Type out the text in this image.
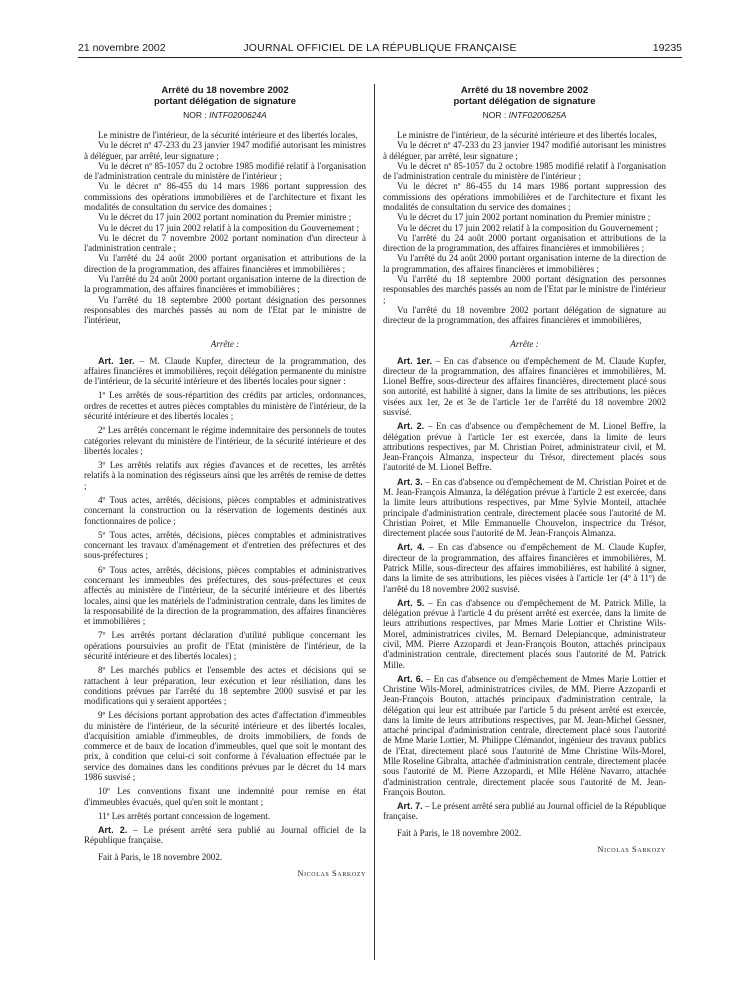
21 novembre 2002	JOURNAL OFFICIEL DE LA RÉPUBLIQUE FRANÇAISE	19235
Arrêté du 18 novembre 2002
portant délégation de signature
NOR : INTF0200624A

Le ministre de l'intérieur, de la sécurité intérieure et des libertés locales,

Vu le décret nº 47-233 du 23 janvier 1947 modifié autorisant les ministres à déléguer, par arrêté, leur signature ;

Vu le décret nº 85-1057 du 2 octobre 1985 modifié relatif à l'organisation de l'administration centrale du ministère de l'intérieur ;

Vu le décret nº 86-455 du 14 mars 1986 portant suppression des commissions des opérations immobilières et de l'architecture et fixant les modalités de consultation du service des domaines ;

Vu le décret du 17 juin 2002 portant nomination du Premier ministre ;

Vu le décret du 17 juin 2002 relatif à la composition du Gouvernement ;

Vu le décret du 7 novembre 2002 portant nomination d'un directeur à l'administration centrale ;

Vu l'arrêté du 24 août 2000 portant organisation et attributions de la direction de la programmation, des affaires financières et immobilières ;

Vu l'arrêté du 24 août 2000 portant organisation interne de la direction de la programmation, des affaires financières et immobilières ;

Vu l'arrêté du 18 septembre 2000 portant désignation des personnes responsables des marchés passés au nom de l'Etat par le ministre de l'intérieur,

Arrête :

Art. 1er. – M. Claude Kupfer, directeur de la programmation, des affaires financières et immobilières, reçoit délégation permanente du ministre de l'intérieur, de la sécurité intérieure et des libertés locales pour signer :

1º Les arrêtés de sous-répartition des crédits par articles, ordonnances, ordres de recettes et autres pièces comptables du ministère de l'intérieur, de la sécurité intérieure et des libertés locales ;

2º Les arrêtés concernant le régime indemnitaire des personnels de toutes catégories relevant du ministère de l'intérieur, de la sécurité intérieure et des libertés locales ;

3º Les arrêtés relatifs aux régies d'avances et de recettes, les arrêtés relatifs à la nomination des régisseurs ainsi que les arrêtés de remise de dettes ;

4º Tous actes, arrêtés, décisions, pièces comptables et administratives concernant la construction ou la réservation de logements destinés aux fonctionnaires de police ;

5º Tous actes, arrêtés, décisions, pièces comptables et administratives concernant les travaux d'aménagement et d'entretien des préfectures et des sous-préfectures ;

6º Tous actes, arrêtés, décisions, pièces comptables et administratives concernant les immeubles des préfectures, des sous-préfectures et ceux affectés au ministère de l'intérieur, de la sécurité intérieure et des libertés locales, ainsi que les matériels de l'administration centrale, dans les limites de la responsabilité de la direction de la programmation, des affaires financières et immobilières ;

7º Les arrêtés portant déclaration d'utilité publique concernant les opérations poursuivies au profit de l'Etat (ministère de l'intérieur, de la sécurité intérieure et des libertés locales) ;

8º Les marchés publics et l'ensemble des actes et décisions qui se rattachent à leur préparation, leur exécution et leur résiliation, dans les conditions prévues par l'arrêté du 18 septembre 2000 susvisé et par les modifications qui y seraient apportées ;

9º Les décisions portant approbation des actes d'affectation d'immeubles du ministère de l'intérieur, de la sécurité intérieure et des libertés locales, d'acquisition amiable d'immeubles, de droits immobiliers, de fonds de commerce et de baux de location d'immeubles, quel que soit le montant des prix, à condition que celui-ci soit conforme à l'évaluation effectuée par le service des domaines dans les conditions prévues par le décret du 14 mars 1986 susvisé ;

10º Les conventions fixant une indemnité pour remise en état d'immeubles évacués, quel qu'en soit le montant ;

11º Les arrêtés portant concession de logement.

Art. 2. – Le présent arrêté sera publié au Journal officiel de la République française.

Fait à Paris, le 18 novembre 2002.

Nicolas Sarkozy
Arrêté du 18 novembre 2002
portant délégation de signature
NOR : INTF0200625A

Le ministre de l'intérieur, de la sécurité intérieure et des libertés locales,

Vu le décret nº 47-233 du 23 janvier 1947 modifié autorisant les ministres à déléguer, par arrêté, leur signature ;

Vu le décret nº 85-1057 du 2 octobre 1985 modifié relatif à l'organisation de l'administration centrale du ministère de l'intérieur ;

Vu le décret nº 86-455 du 14 mars 1986 portant suppression des commissions des opérations immobilières et de l'architecture et fixant les modalités de consultation du service des domaines ;

Vu le décret du 17 juin 2002 portant nomination du Premier ministre ;

Vu le décret du 17 juin 2002 relatif à la composition du Gouvernement ;

Vu l'arrêté du 24 août 2000 portant organisation et attributions de la direction de la programmation, des affaires financières et immobilières ;

Vu l'arrêté du 24 août 2000 portant organisation interne de la direction de la programmation, des affaires financières et immobilières ;

Vu l'arrêté du 18 septembre 2000 portant désignation des personnes responsables des marchés passés au nom de l'Etat par le ministre de l'intérieur ;

Vu l'arrêté du 18 novembre 2002 portant délégation de signature au directeur de la programmation, des affaires financières et immobilières,

Arrête :

Art. 1er. – En cas d'absence ou d'empêchement de M. Claude Kupfer, directeur de la programmation, des affaires financières et immobilières, M. Lionel Beffre, sous-directeur des affaires financières, directement placé sous son autorité, est habilité à signer, dans la limite de ses attributions, les pièces visées aux 1er, 2e et 3e de l'article 1er de l'arrêté du 18 novembre 2002 susvisé.

Art. 2. – En cas d'absence ou d'empêchement de M. Lionel Beffre, la délégation prévue à l'article 1er est exercée, dans la limite de leurs attributions respectives, par M. Christian Poiret, administrateur civil, et M. Jean-François Almanza, inspecteur du Trésor, directement placés sous l'autorité de M. Lionel Beffre.

Art. 3. – En cas d'absence ou d'empêchement de M. Christian Poiret et de M. Jean-François Almanza, la délégation prévue à l'article 2 est exercée, dans la limite leurs attributions respectives, par Mme Sylvie Monteil, attachée principale d'administration centrale, directement placée sous l'autorité de M. Christian Poiret, et Mlle Emmanuelle Chouvelon, inspectrice du Trésor, directement placée sous l'autorité de M. Jean-François Almanza.

Art. 4. – En cas d'absence ou d'empêchement de M. Claude Kupfer, directeur de la programmation, des affaires financières et immobilières, M. Patrick Mille, sous-directeur des affaires immobilières, est habilité à signer, dans la limite de ses attributions, les pièces visées à l'article 1er (4º à 11º) de l'arrêté du 18 novembre 2002 susvisé.

Art. 5. – En cas d'absence ou d'empêchement de M. Patrick Mille, la délégation prévue à l'article 4 du présent arrêté est exercée, dans la limite de leurs attributions respectives, par Mmes Marie Lottier et Christine Wils-Morel, administratrices civiles, M. Bernard Delepiancque, administrateur civil, MM. Pierre Azzopardi et Jean-François Bouton, attachés principaux d'administration centrale, directement placés sous l'autorité de M. Patrick Mille.

Art. 6. – En cas d'absence ou d'empêchement de Mmes Marie Lottier et Christine Wils-Morel, administratrices civiles, de MM. Pierre Azzopardi et Jean-François Bouton, attachés principaux d'administration centrale, la délégation qui leur est attribuée par l'article 5 du présent arrêté est exercée, dans la limite de leurs attributions respectives, par M. Jean-Michel Gessner, attaché principal d'administration centrale, directement placé sous l'autorité de Mme Marie Lottier, M. Philippe Clémandot, ingénieur des travaux publics de l'Etat, directement placé sous l'autorité de Mme Christine Wils-Morel, Mlle Roseline Gibralta, attachée d'administration centrale, directement placée sous l'autorité de M. Pierre Azzopardi, et Mlle Hélène Navarro, attachée d'administration centrale, directement placée sous l'autorité de M. Jean-François Bouton.

Art. 7. – Le présent arrêté sera publié au Journal officiel de la République française.

Fait à Paris, le 18 novembre 2002.

Nicolas Sarkozy
